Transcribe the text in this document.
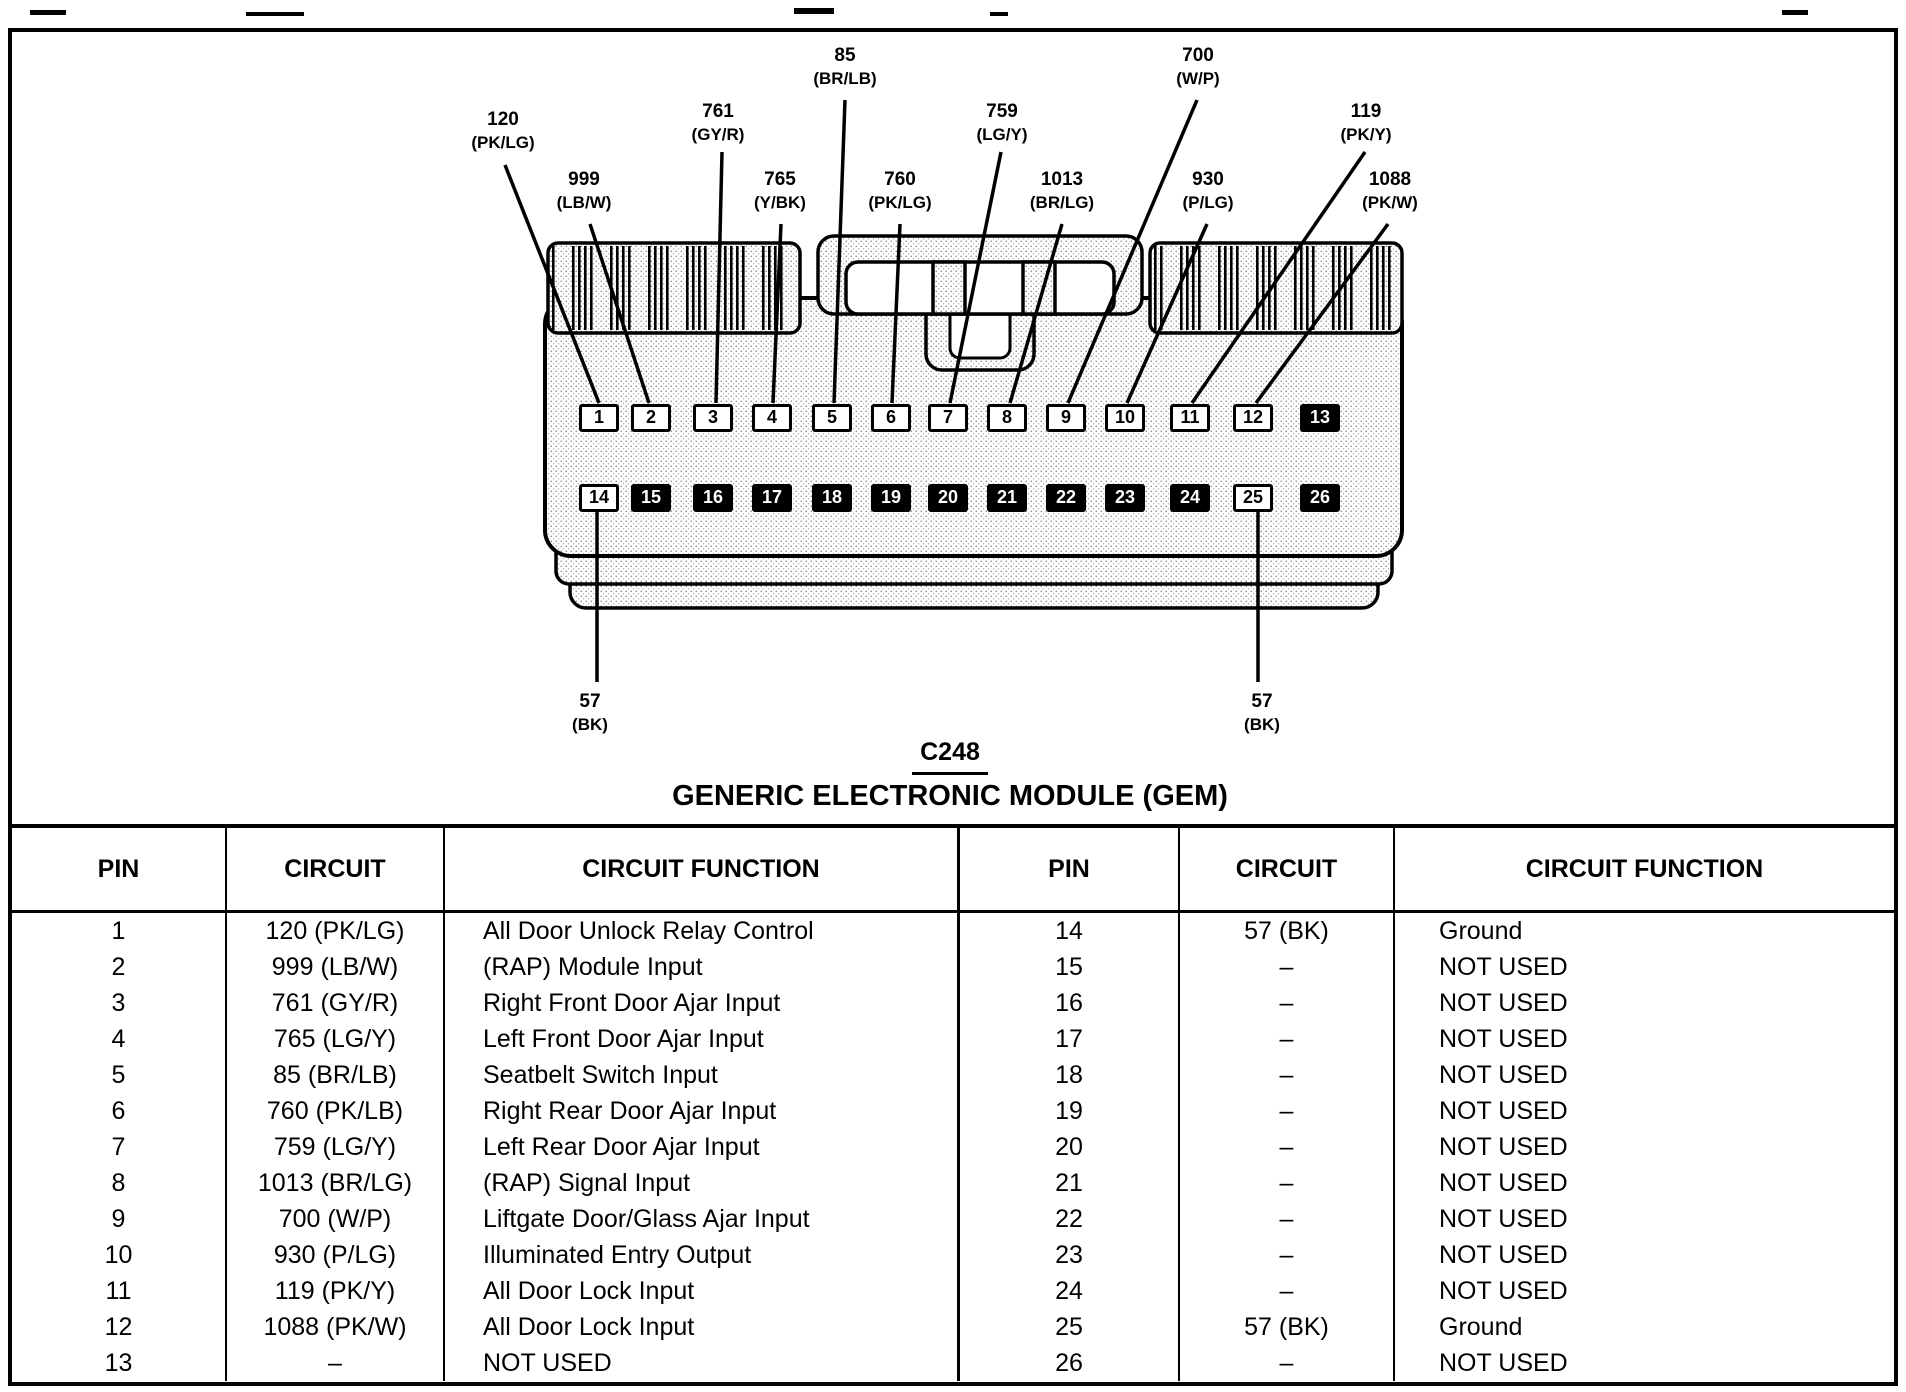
120
(PK/LG)
999
(LB/W)
761
(GY/R)
765
(Y/BK)
85
(BR/LB)
760
(PK/LG)
759
(LG/Y)
1013
(BR/LG)
700
(W/P)
930
(P/LG)
119
(PK/Y)
1088
(PK/W)
57
(BK)
57
(BK)
1	2	3	4	5	6	7	8	9	10	11	12	13
14	15	16	17	18	19	20	21	22	23	24	25	26
C248
GENERIC ELECTRONIC MODULE (GEM)
PIN	CIRCUIT	CIRCUIT FUNCTION	PIN	CIRCUIT	CIRCUIT FUNCTION
1	120 (PK/LG)	All Door Unlock Relay Control	14	57 (BK)	Ground
2	999 (LB/W)	(RAP) Module Input	15	–	NOT USED
3	761 (GY/R)	Right Front Door Ajar Input	16	–	NOT USED
4	765 (LG/Y)	Left Front Door Ajar Input	17	–	NOT USED
5	85 (BR/LB)	Seatbelt Switch Input	18	–	NOT USED
6	760 (PK/LB)	Right Rear Door Ajar Input	19	–	NOT USED
7	759 (LG/Y)	Left Rear Door Ajar Input	20	–	NOT USED
8	1013 (BR/LG)	(RAP) Signal Input	21	–	NOT USED
9	700 (W/P)	Liftgate Door/Glass Ajar Input	22	–	NOT USED
10	930 (P/LG)	Illuminated Entry Output	23	–	NOT USED
11	119 (PK/Y)	All Door Lock Input	24	–	NOT USED
12	1088 (PK/W)	All Door Lock Input	25	57 (BK)	Ground
13	–	NOT USED	26	–	NOT USED
